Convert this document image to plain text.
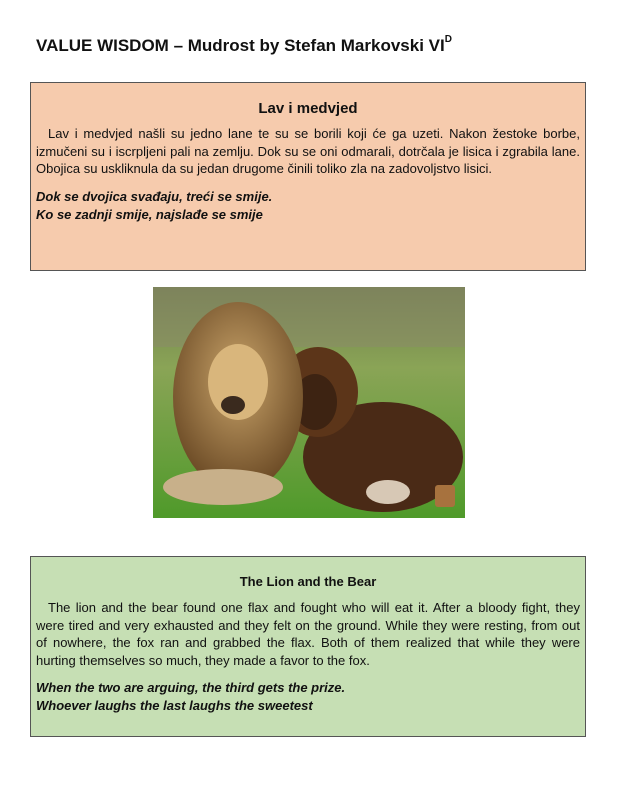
VALUE WISDOM – Mudrost by Stefan Markovski $VI^D$
Lav i medvjed

Lav i medvjed našli su jedno lane te su se borili koji će ga uzeti. Nakon žestoke borbe, izmučeni su i iscrpljeni pali na zemlju. Dok su se oni odmarali, dotrčala je lisica i zgrabila lane. Obojica su uskliknula da su jedan drugome činili toliko zla na zadovoljstvo lisici.

Dok se dvojica svađaju, treći se smije.
Ko se zadnji smije, najslađe se smije
The Lion and the Bear

The lion and the bear found one flax and fought who will eat it. After a bloody fight, they were tired and very exhausted and they felt on the ground. While they were resting, from out of nowhere, the fox ran and grabbed the flax. Both of them realized that while they were hurting themselves so much, they made a favor to the fox.

When the two are arguing, the third gets the prize.
Whoever laughs the last laughs the sweetest
